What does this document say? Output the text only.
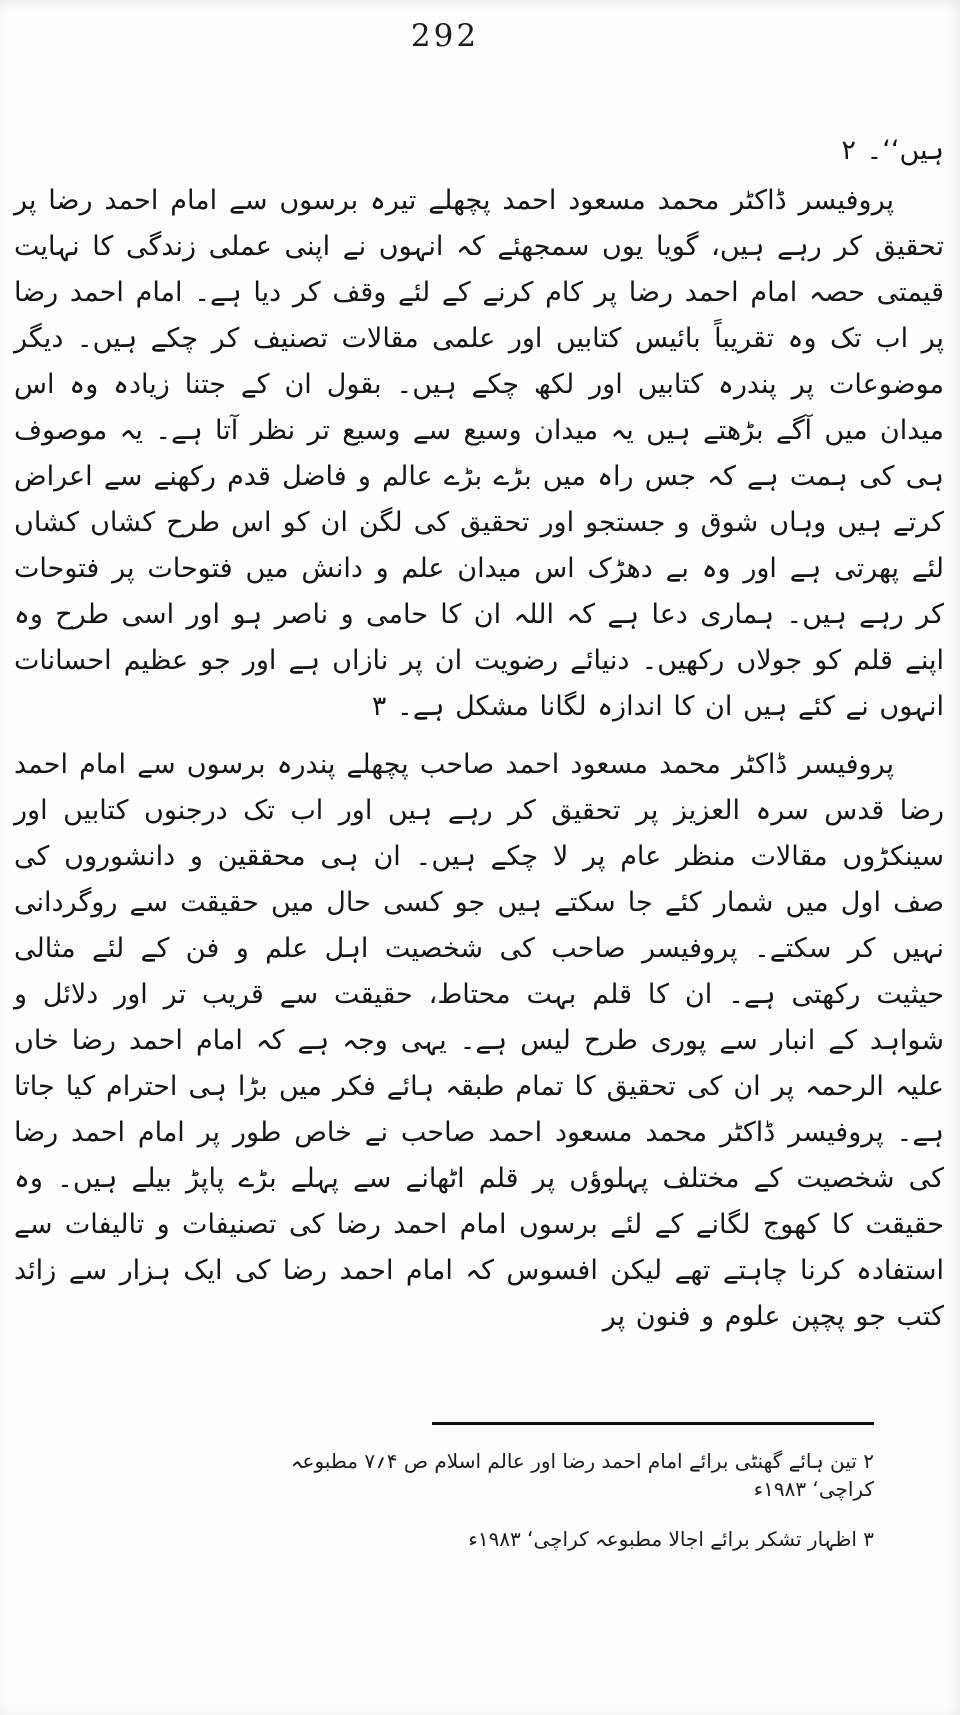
292

ہیں‘‘۔ ۲

پروفیسر ڈاکٹر محمد مسعود احمد پچھلے تیرہ برسوں سے امام احمد رضا پر تحقیق کر رہے ہیں، گویا یوں سمجھئے کہ انہوں نے اپنی عملی زندگی کا نہایت قیمتی حصہ امام احمد رضا پر کام کرنے کے لئے وقف کر دیا ہے۔ امام احمد رضا پر اب تک وہ تقریباً بائیس کتابیں اور علمی مقالات تصنیف کر چکے ہیں۔ دیگر موضوعات پر پندرہ کتابیں اور لکھ چکے ہیں۔ بقول ان کے جتنا زیادہ وہ اس میدان میں آگے بڑھتے ہیں یہ میدان وسیع سے وسیع تر نظر آتا ہے۔ یہ موصوف ہی کی ہمت ہے کہ جس راہ میں بڑے بڑے عالم و فاضل قدم رکھنے سے اعراض کرتے ہیں وہاں شوق و جستجو اور تحقیق کی لگن ان کو اس طرح کشاں کشاں لئے پھرتی ہے اور وہ بے دھڑک اس میدان علم و دانش میں فتوحات پر فتوحات کر رہے ہیں۔ ہماری دعا ہے کہ اللہ ان کا حامی و ناصر ہو اور اسی طرح وہ اپنے قلم کو جولاں رکھیں۔ دنیائے رضویت ان پر نازاں ہے اور جو عظیم احسانات انہوں نے کئے ہیں ان کا اندازہ لگانا مشکل ہے۔ ۳

پروفیسر ڈاکٹر محمد مسعود احمد صاحب پچھلے پندرہ برسوں سے امام احمد رضا قدس سرہ العزیز پر تحقیق کر رہے ہیں اور اب تک درجنوں کتابیں اور سینکڑوں مقالات منظر عام پر لا چکے ہیں۔ ان ہی محققین و دانشوروں کی صف اول میں شمار کئے جا سکتے ہیں جو کسی حال میں حقیقت سے روگردانی نہیں کر سکتے۔ پروفیسر صاحب کی شخصیت اہل علم و فن کے لئے مثالی حیثیت رکھتی ہے۔ ان کا قلم بہت محتاط، حقیقت سے قریب تر اور دلائل و شواہد کے انبار سے پوری طرح لیس ہے۔ یہی وجہ ہے کہ امام احمد رضا خاں علیہ الرحمہ پر ان کی تحقیق کا تمام طبقہ ہائے فکر میں بڑا ہی احترام کیا جاتا ہے۔ پروفیسر ڈاکٹر محمد مسعود احمد صاحب نے خاص طور پر امام احمد رضا کی شخصیت کے مختلف پہلوؤں پر قلم اٹھانے سے پہلے بڑے پاپڑ بیلے ہیں۔ وہ حقیقت کا کھوج لگانے کے لئے برسوں امام احمد رضا کی تصنیفات و تالیفات سے استفادہ کرنا چاہتے تھے لیکن افسوس کہ امام احمد رضا کی ایک ہزار سے زائد کتب جو پچپن علوم و فنون پر

۲ تین ہائے گھنٹی برائے امام احمد رضا اور عالم اسلام ص ۴؍۷ مطبوعہ کراچی‘ ۱۹۸۳ء

۳ اظہار تشکر برائے اجالا مطبوعہ کراچی‘ ۱۹۸۳ء
